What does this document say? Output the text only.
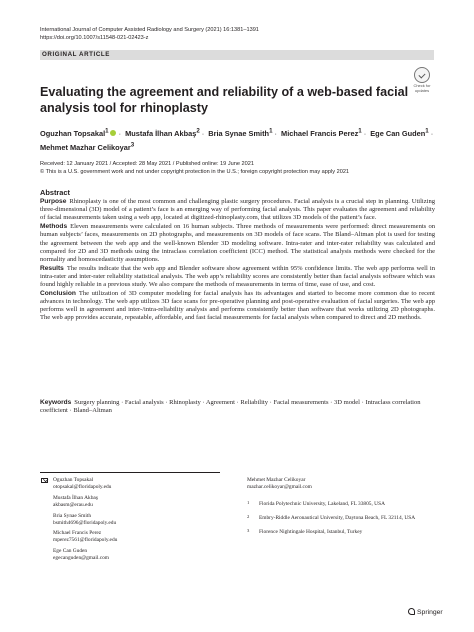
International Journal of Computer Assisted Radiology and Surgery (2021) 16:1381–1391
https://doi.org/10.1007/s11548-021-02423-z
ORIGINAL ARTICLE
Check for
updates
Evaluating the agreement and reliability of a web-based facial analysis tool for rhinoplasty
Oguzhan Topsakal$^1$ · Mustafa İlhan Akbaş$^2$ · Bria Synae Smith$^1$ · Michael Francis Perez$^1$ · Ege Can Guden$^1$ ·
Mehmet Mazhar Celikoyar$^3$
Received: 12 January 2021 / Accepted: 28 May 2021 / Published online: 19 June 2021
© This is a U.S. government work and not under copyright protection in the U.S.; foreign copyright protection may apply 2021
Abstract

Purpose Rhinoplasty is one of the most common and challenging plastic surgery procedures. Facial analysis is a crucial step in planning. Utilizing three-dimensional (3D) model of a patient’s face is an emerging way of performing facial analysis. This paper evaluates the agreement and reliability of facial measurements taken using a web app, located at digitized-rhinoplasty.com, that utilizes 3D models of the patient’s face.

Methods Eleven measurements were calculated on 16 human subjects. Three methods of measurements were performed: direct measurements on human subjects’ faces, measurements on 2D photographs, and measurements on 3D models of face scans. The Bland–Altman plot is used for testing the agreement between the web app and the well-known Blender 3D modeling software. Intra-rater and inter-rater reliability was calculated and compared for 2D and 3D methods using the intraclass correlation coefficient (ICC) method. The statistical analysis methods were checked for the normality and homoscedasticity assumptions.

Results The results indicate that the web app and Blender software show agreement within 95% confidence limits. The web app performs well in intra-rater and inter-rater reliability statistical analysis. The web app’s reliability scores are consistently better than facial analysis software which was found highly reliable in a previous study. We also compare the methods of measurements in terms of time, ease of use, and cost.

Conclusion The utilization of 3D computer modeling for facial analysis has its advantages and started to become more common due to recent advances in technology. The web app utilizes 3D face scans for pre-operative planning and post-operative evaluation of facial surgeries. The web app performs well in agreement and inter-/intra-reliability analysis and performs consistently better than software that works utilizing 2D photographs. The web app provides accurate, repeatable, affordable, and fast facial measurements for facial analysis when compared to direct and 2D methods.

Keywords Surgery planning · Facial analysis · Rhinoplasty · Agreement · Reliability · Facial measurements · 3D model · Intraclass correlation coefficient · Bland–Altman
Oguzhan Topsakal
otopsakal@floridapoly.edu
Mustafa İlhan Akbaş
akbasm@erau.edu
Bria Synae Smith
bsmith4696@floridapoly.edu
Michael Francis Perez
mperez7561@floridapoly.edu
Ege Can Guden
egecanguden@gmail.com
Mehmet Mazhar Celikoyar
mazhar.celikoyar@gmail.com
1 Florida Polytechnic University, Lakeland, FL 33805, USA
2 Embry-Riddle Aeronautical University, Daytona Beach, FL 32114, USA
3 Florence Nightingale Hospital, Istanbul, Turkey
Springer
